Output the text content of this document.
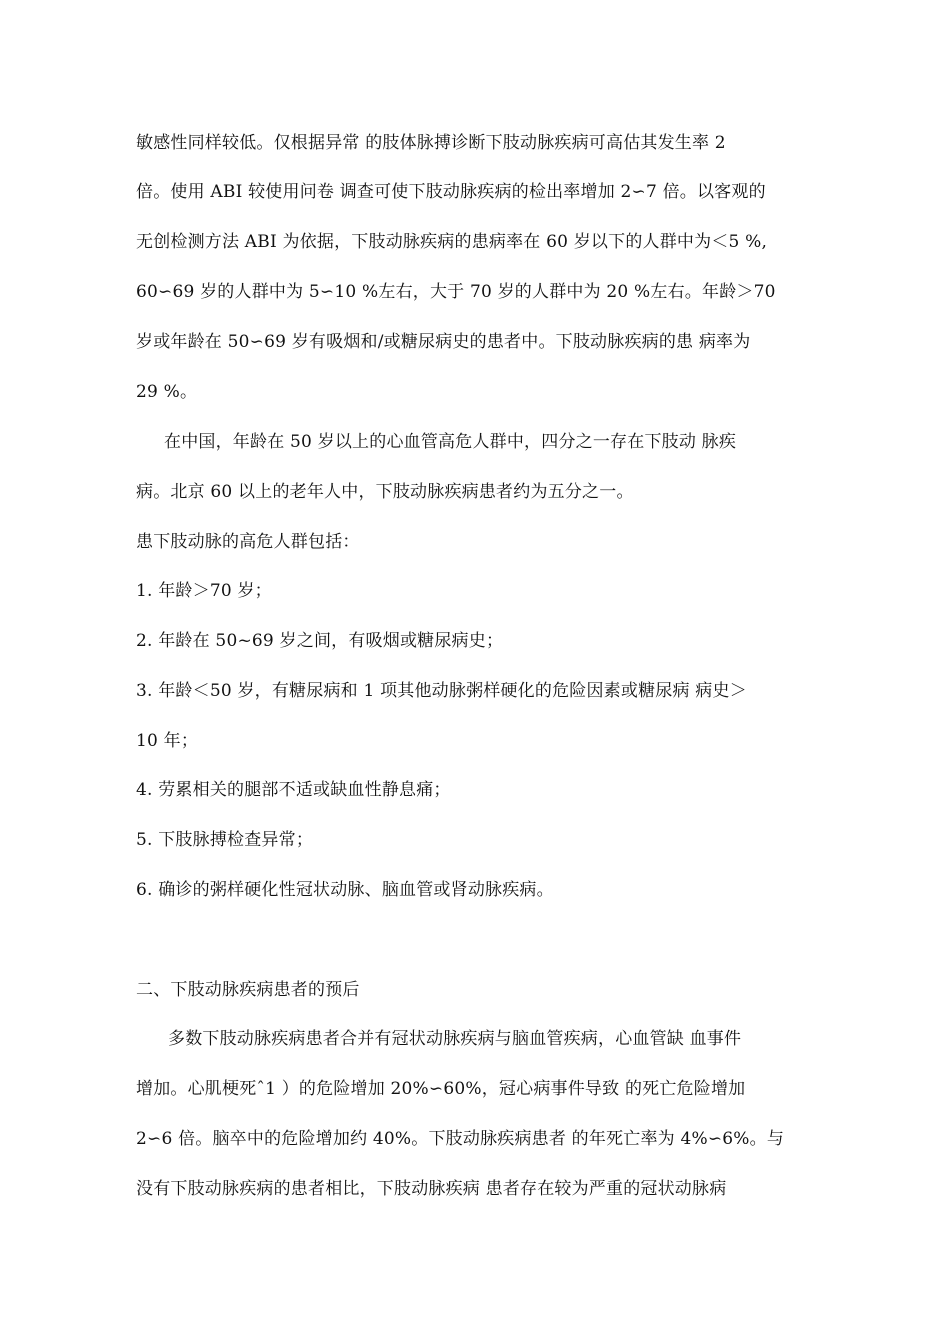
敏感性同样较低。仅根据异常 的肢体脉搏诊断下肢动脉疾病可高估其发生率 2
倍。使用 ABI 较使用问卷 调查可使下肢动脉疾病的检出率增加 2∽7 倍。以客观的
无创检测方法 ABI 为依据，下肢动脉疾病的患病率在 60 岁以下的人群中为＜5 %,
60∽69 岁的人群中为 5∽10 %左右，大于 70 岁的人群中为 20 %左右。年龄＞70
岁或年龄在 50∽69 岁有吸烟和/或糖尿病史的患者中。下肢动脉疾病的患 病率为
29 %。
在中国，年龄在 50 岁以上的心血管高危人群中，四分之一存在下肢动 脉疾
病。北京 60 以上的老年人中，下肢动脉疾病患者约为五分之一。
患下肢动脉的高危人群包括：
1. 年龄＞70 岁；
2. 年龄在 50~69 岁之间，有吸烟或糖尿病史；
3. 年龄＜50 岁，有糖尿病和 1 项其他动脉粥样硬化的危险因素或糖尿病 病史＞
10 年；
4. 劳累相关的腿部不适或缺血性静息痛；
5. 下肢脉搏检查异常；
6. 确诊的粥样硬化性冠状动脉、脑血管或肾动脉疾病。
二、下肢动脉疾病患者的预后
多数下肢动脉疾病患者合并有冠状动脉疾病与脑血管疾病，心血管缺 血事件
增加。心肌梗死ˆ1 ）的危险增加 20%∽60%，冠心病事件导致 的死亡危险增加
2∽6 倍。脑卒中的危险增加约 40%。下肢动脉疾病患者 的年死亡率为 4%∽6%。与
没有下肢动脉疾病的患者相比，下肢动脉疾病 患者存在较为严重的冠状动脉病
